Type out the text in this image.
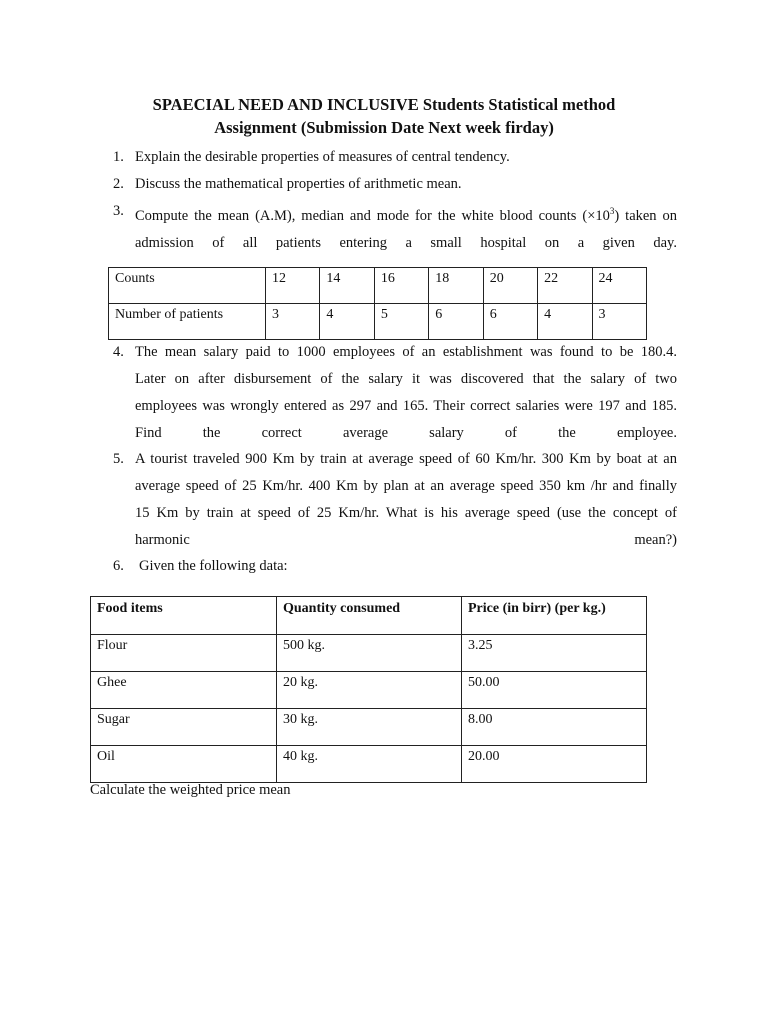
SPAECIAL NEED AND INCLUSIVE Students Statistical method
Assignment (Submission Date Next week firday)
1. Explain the desirable properties of measures of central tendency.
2. Discuss the mathematical properties of arithmetic mean.
3. Compute the mean (A.M), median and mode for the white blood counts $(\times 10^3)$ taken on
admission of all patients entering a small hospital on a given day.
Counts	12	14	16	18	20	22	24
Number of patients	3	4	5	6	6	4	3
4. The mean salary paid to 1000 employees of an establishment was found to be 180.4.
Later on after disbursement of the salary it was discovered that the salary of two
employees was wrongly entered as 297 and 165. Their correct salaries were 197 and 185.
Find the correct average salary of the employee.
5. A tourist traveled 900 Km by train at average speed of 60 Km/hr. 300 Km by boat at an
average speed of 25 Km/hr. 400 Km by plan at an average speed 350 km /hr and finally
15 Km by train at speed of 25 Km/hr. What is his average speed (use the concept of
harmonic mean?)
6. Given the following data:
Food items	Quantity consumed	Price (in birr) (per kg.)
Flour	500 kg.	3.25
Ghee	20 kg.	50.00
Sugar	30 kg.	8.00
Oil	40 kg.	20.00
Calculate the weighted price mean
